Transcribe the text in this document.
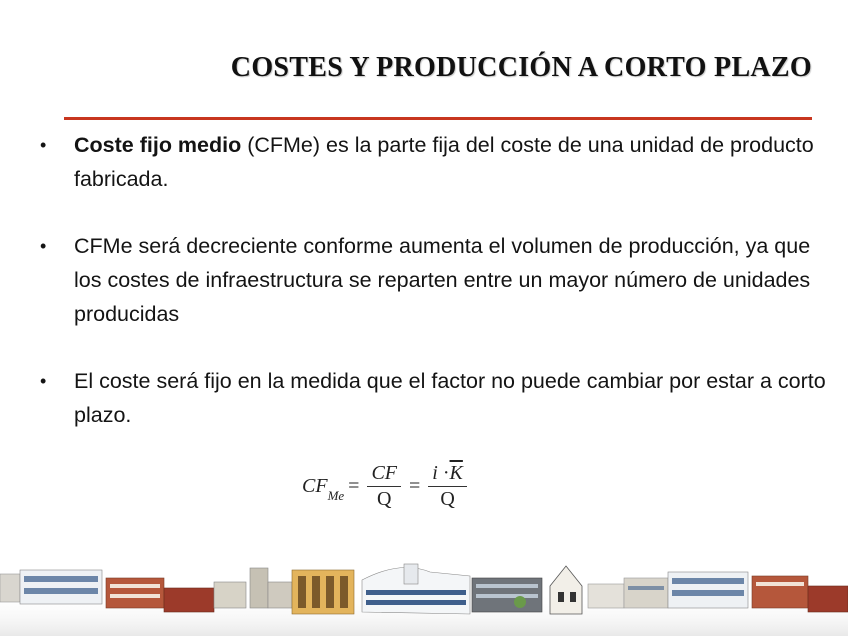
COSTES Y PRODUCCIÓN A CORTO PLAZO
• Coste fijo medio (CFMe) es la parte fija del coste de una unidad de producto fabricada.
• CFMe será decreciente conforme aumenta el volumen de producción, ya que los costes de infraestructura se reparten entre un mayor número de unidades producidas
• El coste será fijo en la medida que el factor no puede cambiar por estar a corto plazo.
$CF_{Me} = \frac{CF}{Q} = \frac{i \cdot\overline{K}}{Q}$
